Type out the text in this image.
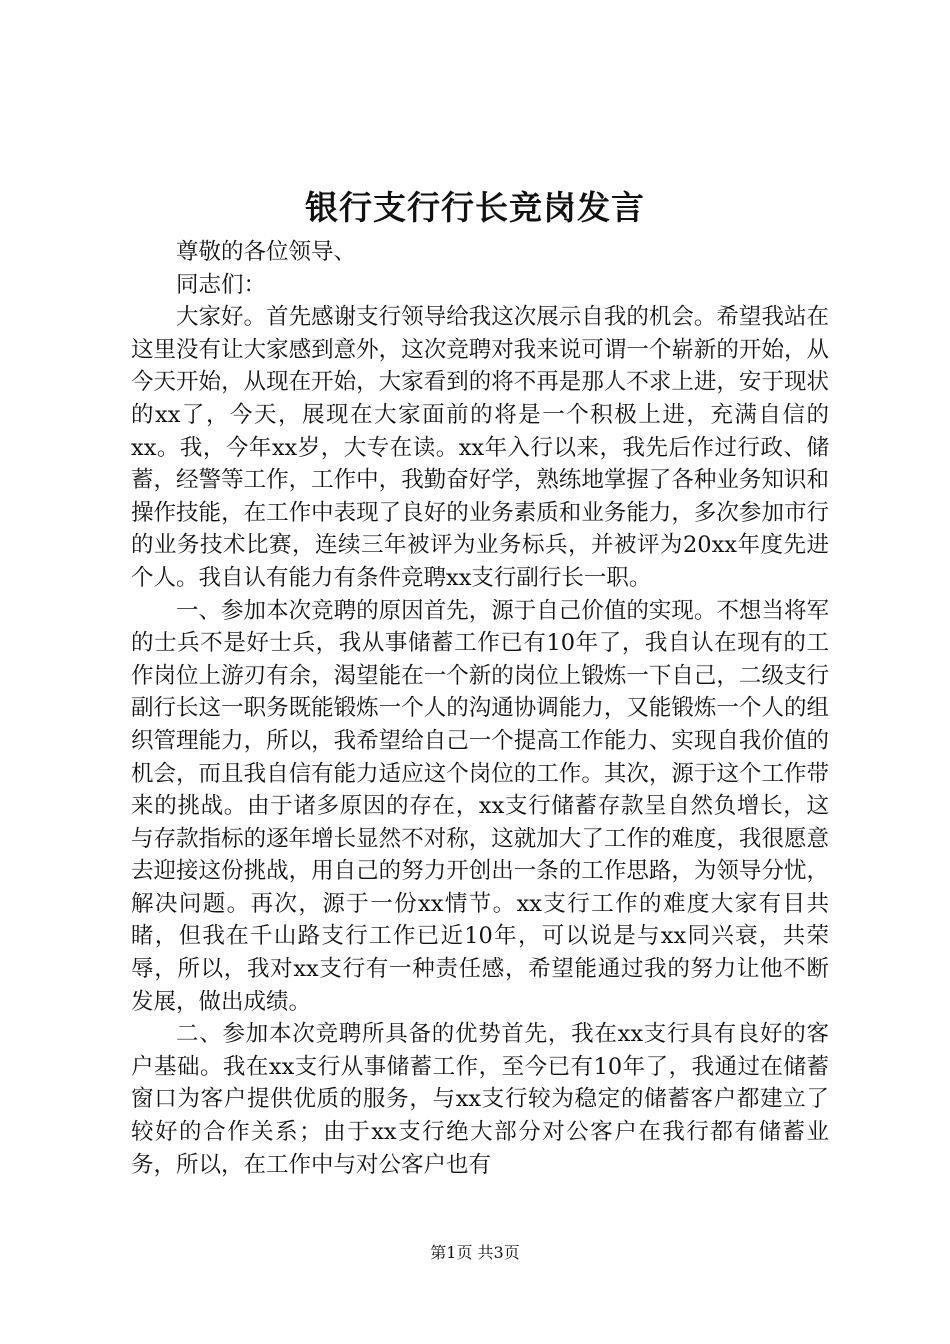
银行支行行长竞岗发言

尊敬的各位领导、

同志们：

大家好。首先感谢支行领导给我这次展示自我的机会。希望我站在这里没有让大家感到意外，这次竞聘对我来说可谓一个崭新的开始，从今天开始，从现在开始，大家看到的将不再是那人不求上进，安于现状的xx了，今天，展现在大家面前的将是一个积极上进，充满自信的xx。我，今年xx岁，大专在读。xx年入行以来，我先后作过行政、储蓄，经警等工作，工作中，我勤奋好学，熟练地掌握了各种业务知识和操作技能，在工作中表现了良好的业务素质和业务能力，多次参加市行的业务技术比赛，连续三年被评为业务标兵，并被评为20xx年度先进个人。我自认有能力有条件竞聘xx支行副行长一职。

一、参加本次竞聘的原因首先，源于自己价值的实现。不想当将军的士兵不是好士兵，我从事储蓄工作已有10年了，我自认在现有的工作岗位上游刃有余，渴望能在一个新的岗位上锻炼一下自己，二级支行副行长这一职务既能锻炼一个人的沟通协调能力，又能锻炼一个人的组织管理能力，所以，我希望给自己一个提高工作能力、实现自我价值的机会，而且我自信有能力适应这个岗位的工作。其次，源于这个工作带来的挑战。由于诸多原因的存在，xx支行储蓄存款呈自然负增长，这与存款指标的逐年增长显然不对称，这就加大了工作的难度，我很愿意去迎接这份挑战，用自己的努力开创出一条的工作思路，为领导分忧，解决问题。再次，源于一份xx情节。xx支行工作的难度大家有目共睹，但我在千山路支行工作已近10年，可以说是与xx同兴衰，共荣辱，所以，我对xx支行有一种责任感，希望能通过我的努力让他不断发展，做出成绩。

二、参加本次竞聘所具备的优势首先，我在xx支行具有良好的客户基础。我在xx支行从事储蓄工作，至今已有10年了，我通过在储蓄窗口为客户提供优质的服务，与xx支行较为稳定的储蓄客户都建立了较好的合作关系；由于xx支行绝大部分对公客户在我行都有储蓄业务，所以，在工作中与对公客户也有

第1页 共3页
